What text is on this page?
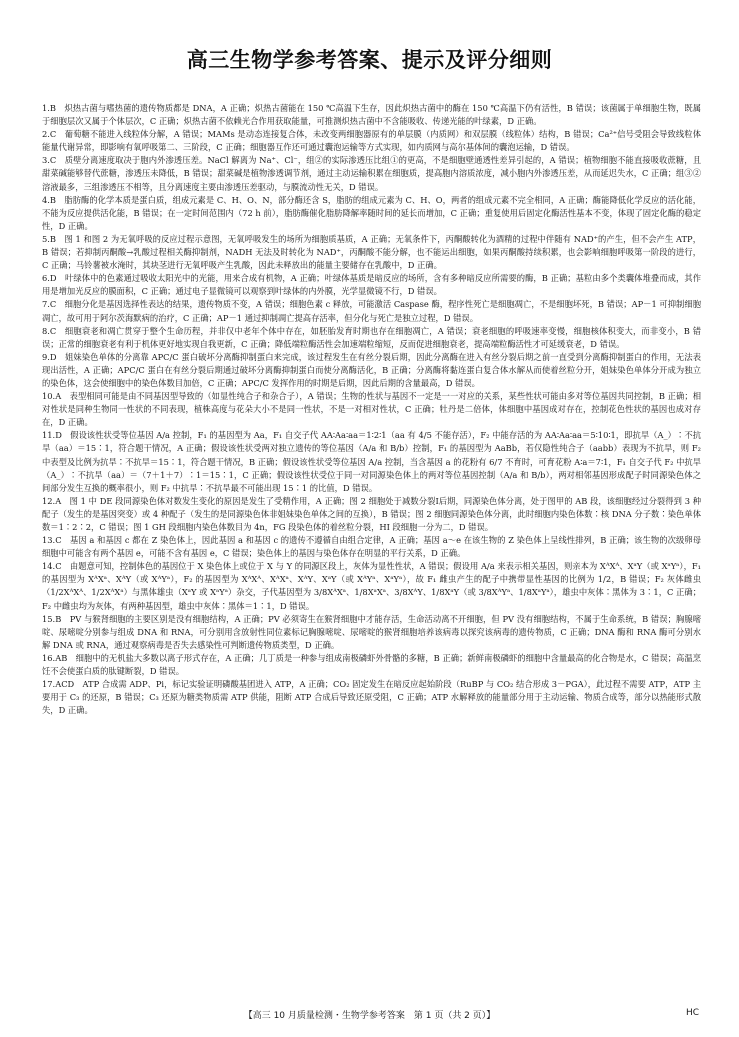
高三生物学参考答案、提示及评分细则

1.B　炽热古菌与嗜热菌的遗传物质都是 DNA，A 正确；炽热古菌能在 150 ℃高温下生存，因此炽热古菌中的酶在 150 ℃高温下仍有活性，B 错误；该菌属于单细胞生物，既属于细胞层次又属于个体层次，C 正确；炽热古菌不依赖光合作用获取能量，可推测炽热古菌中不含能吸收、传递光能的叶绿素，D 正确。

2.C　葡萄糖不能进入线粒体分解，A 错误；MAMs 是动态连接复合体，未改变两细胞器原有的单层膜（内质网）和双层膜（线粒体）结构，B 错误；Ca²⁺信号受阻会导致线粒体能量代谢异常，即影响有氧呼吸第二、三阶段，C 正确；细胞器互作还可通过囊泡运输等方式实现，如内质网与高尔基体间的囊泡运输，D 错误。

3.C　质壁分离速度取决于胞内外渗透压差。NaCl 解离为 Na⁺、Cl⁻，组②的实际渗透压比组①的更高，不是细胞壁通透性差异引起的，A 错误；植物细胞不能直接吸收蔗糖，且甜菜碱能够替代蔗糖，渗透压未降低，B 错误；甜菜碱是植物渗透调节剂，通过主动运输积累在细胞质，提高胞内溶质浓度，减小胞内外渗透压差，从而延迟失水，C 正确；组③②溶液最多，三组渗透压不相等，且分离速度主要由渗透压差驱动，与膜流动性无关，D 错误。

4.B　脂肪酶的化学本质是蛋白质，组成元素是 C、H、O、N，部分酶还含 S，脂肪的组成元素为 C、H、O，两者的组成元素不完全相同，A 正确；酶能降低化学反应的活化能，不能为反应提供活化能，B 错误；在一定时间范围内（72 h 前），脂肪酶催化脂肪降解率随时间的延长而增加，C 正确；重复使用后固定化酶活性基本不变，体现了固定化酶的稳定性，D 正确。

5.B　图 1 和图 2 为无氧呼吸的反应过程示意图，无氧呼吸发生的场所为细胞质基质，A 正确；无氧条件下，丙酮酸转化为酒精的过程中伴随有 NAD⁺的产生，但不会产生 ATP，B 错误；若抑制丙酮酸→乳酸过程相关酶抑制剂，NADH 无法及时转化为 NAD⁺，丙酮酸不能分解，也不能运出细胞，如果丙酮酸持续积累，也会影响细胞呼吸第一阶段的进行，C 正确；马铃薯被水淹时，其块茎进行无氧呼吸产生乳酸，因此未释放出的能量主要储存在乳酸中，D 正确。

6.D　叶绿体中的色素通过吸收太阳光中的光能，用来合成有机物，A 正确；叶绿体基质是暗反应的场所，含有多种暗反应所需要的酶，B 正确；基粒由多个类囊体堆叠而成，其作用是增加光反应的膜面积，C 正确；通过电子显微镜可以观察到叶绿体的内外膜，光学显微镜不行，D 错误。

7.C　细胞分化是基因选择性表达的结果，遗传物质不变，A 错误；细胞色素 c 释放，可能激活 Caspase 酶，程序性死亡是细胞凋亡，不是细胞坏死，B 错误；AP－1 可抑制细胞凋亡，故可用于阿尔茨海默病的治疗，C 正确；AP－1 通过抑制凋亡提高存活率，但分化与死亡是独立过程，D 错误。

8.C　细胞衰老和凋亡贯穿于整个生命历程，并非仅中老年个体中存在，如胚胎发育时期也存在细胞凋亡，A 错误；衰老细胞的呼吸速率变慢，细胞核体积变大，而非变小，B 错误；正常的细胞衰老有利于机体更好地实现自我更新，C 正确；降低端粒酶活性会加速端粒缩短，反而促进细胞衰老，提高端粒酶活性才可延缓衰老，D 错误。

9.D　姐妹染色单体的分离靠 APC/C 蛋白破坏分离酶抑制蛋白来完成，该过程发生在有丝分裂后期，因此分离酶在进入有丝分裂后期之前一直受到分离酶抑制蛋白的作用，无法表现出活性，A 正确；APC/C 蛋白在有丝分裂后期通过破坏分离酶抑制蛋白而使分离酶活化，B 正确；分离酶将黏连蛋白复合体水解从而使着丝粒分开，姐妹染色单体分开成为独立的染色体，这会使细胞中的染色体数目加倍，C 正确；APC/C 发挥作用的时期是后期，因此后期的含量最高，D 错误。

10.A　表型相同可能是由不同基因型导致的（如显性纯合子和杂合子），A 错误；生物的性状与基因不一定是一一对应的关系，某些性状可能由多对等位基因共同控制，B 正确；相对性状是同种生物同一性状的不同表现，植株高度与花朵大小不是同一性状，不是一对相对性状，C 正确；牡丹是二倍体，体细胞中基因成对存在，控制花色性状的基因也成对存在，D 正确。

11.D　假设该性状受等位基因 A/a 控制，F₁ 的基因型为 Aa，F₁ 自交子代 AA∶Aa∶aa＝1∶2∶1（aa 有 4/5 不能存活），F₂ 中能存活的为 AA∶Aa∶aa＝5∶10∶1，即抗旱（A_）∶不抗旱（aa）＝15∶1，符合题干情况，A 正确；假设该性状受两对独立遗传的等位基因（A/a 和 B/b）控制，F₁ 的基因型为 AaBb，若仅隐性纯合子（aabb）表现为不抗旱，则 F₂ 中表型及比例为抗旱∶不抗旱＝15∶1，符合题干情况，B 正确；假设该性状受等位基因 A/a 控制，当含基因 a 的花粉有 6/7 不育时，可育花粉 A∶a＝7∶1，F₁ 自交子代 F₂ 中抗旱（A_）∶不抗旱（aa）＝（7＋1＋7）∶1＝15∶1，C 正确；假设该性状受位于同一对同源染色体上的两对等位基因控制（A/a 和 B/b），两对相邻基因形成配子时同源染色体之间部分发生互换的概率很小，则 F₂ 中抗旱∶不抗旱最不可能出现 15∶1 的比值，D 错误。

12.A　图 1 中 DE 段同源染色体对数发生变化的原因是发生了受精作用，A 正确；图 2 细胞处于减数分裂Ⅰ后期，同源染色体分离，处于图甲的 AB 段，该细胞经过分裂得到 3 种配子（发生的是基因突变）或 4 种配子（发生的是同源染色体非姐妹染色单体之间的互换），B 错误；图 2 细胞同源染色体分离，此时细胞内染色体数∶核 DNA 分子数∶染色单体数＝1∶2∶2，C 错误；图 1 GH 段细胞内染色体数目为 4n，FG 段染色体的着丝粒分裂，HI 段细胞一分为二，D 错误。

13.C　基因 a 和基因 c 都在 Z 染色体上，因此基因 a 和基因 c 的遗传不遵循自由组合定律，A 正确；基因 a～e 在该生物的 Z 染色体上呈线性排列，B 正确；该生物的次级卵母细胞中可能含有两个基因 e，可能不含有基因 e，C 错误；染色体上的基因与染色体存在明显的平行关系，D 正确。

14.C　由题意可知，控制体色的基因位于 X 染色体上或位于 X 与 Y 的同源区段上，灰体为显性性状，A 错误；假设用 A/a 来表示相关基因，则亲本为 XᴬXᴬ、XᵃY（或 XᵃYᵃ），F₁ 的基因型为 XᴬXᵃ、XᴬY（或 XᴬYᵃ），F₂ 的基因型为 XᴬXᴬ、XᴬXᵃ、XᴬY、XᵃY（或 XᴬYᵃ、XᵃYᵃ），故 F₁ 雌虫产生的配子中携带显性基因的比例为 1/2，B 错误；F₂ 灰体雌虫（1/2XᴬXᴬ、1/2XᴬXᵃ）与黑体雄虫（XᵃY 或 XᵃYᵃ）杂交，子代基因型为 3/8XᴬXᵃ、1/8XᵃXᵃ、3/8XᴬY、1/8XᵃY（或 3/8XᴬYᵃ、1/8XᵃYᵃ），雄虫中灰体∶黑体为 3∶1，C 正确；F₂ 中雌虫均为灰体，有两种基因型，雄虫中灰体∶黑体＝1∶1，D 错误。

15.B　PV 与猴肾细胞的主要区别是没有细胞结构，A 正确；PV 必须寄生在猴肾细胞中才能存活，生命活动离不开细胞，但 PV 没有细胞结构，不属于生命系统，B 错误；胸腺嘧啶、尿嘧啶分别参与组成 DNA 和 RNA，可分别用含放射性同位素标记胸腺嘧啶、尿嘧啶的猴肾细胞培养该病毒以探究该病毒的遗传物质，C 正确；DNA 酶和 RNA 酶可分别水解 DNA 或 RNA，通过观察病毒是否失去感染性可判断遗传物质类型，D 正确。

16.AB　细胞中的无机盐大多数以离子形式存在，A 正确；几丁质是一种参与组成南极磷虾外骨骼的多糖，B 正确；新鲜南极磷虾的细胞中含量最高的化合物是水，C 错误；高温烹饪不会使蛋白质的肽键断裂，D 错误。

17.ACD　ATP 合成需 ADP、Pi，标记实验证明磷酸基团进入 ATP，A 正确；CO₂ 固定发生在暗反应起始阶段（RuBP 与 CO₂ 结合形成 3－PGA），此过程不需要 ATP，ATP 主要用于 C₃ 的还原，B 错误；C₃ 还原为糖类物质需 ATP 供能，阻断 ATP 合成后导致还原受阻，C 正确；ATP 水解释放的能量部分用于主动运输、物质合成等，部分以热能形式散失，D 正确。

【高三 10 月质量检测・生物学参考答案　第 1 页（共 2 页）】	HC
